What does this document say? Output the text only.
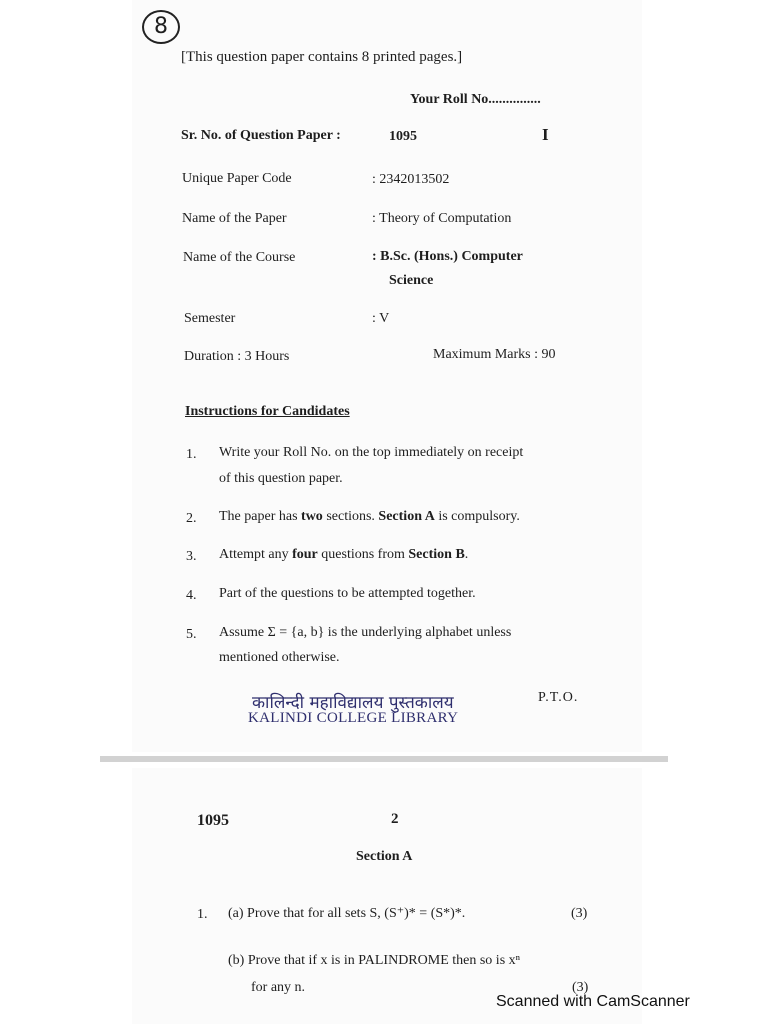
8
[This question paper contains 8 printed pages.]
Your Roll No...............
Sr. No. of Question Paper :	1095	I
Unique Paper Code	: 2342013502
Name of the Paper	: Theory of Computation
Name of the Course	: B.Sc. (Hons.) Computer
Science
Semester	: V
Duration : 3 Hours	Maximum Marks : 90
Instructions for Candidates
1. Write your Roll No. on the top immediately on receipt
of this question paper.
2. The paper has two sections. Section A is compulsory.
3. Attempt any four questions from Section B.
4. Part of the questions to be attempted together.
5. Assume Σ = {a, b} is the underlying alphabet unless
mentioned otherwise.
कालिन्दी महाविद्यालय पुस्तकालय
KALINDI COLLEGE LIBRARY
P.T.O.
1095	2
Section A
1. (a) Prove that for all sets S, (S⁺)* = (S*)*.	(3)
(b) Prove that if x is in PALINDROME then so is xⁿ
for any n.	(3)
Scanned with CamScanner
